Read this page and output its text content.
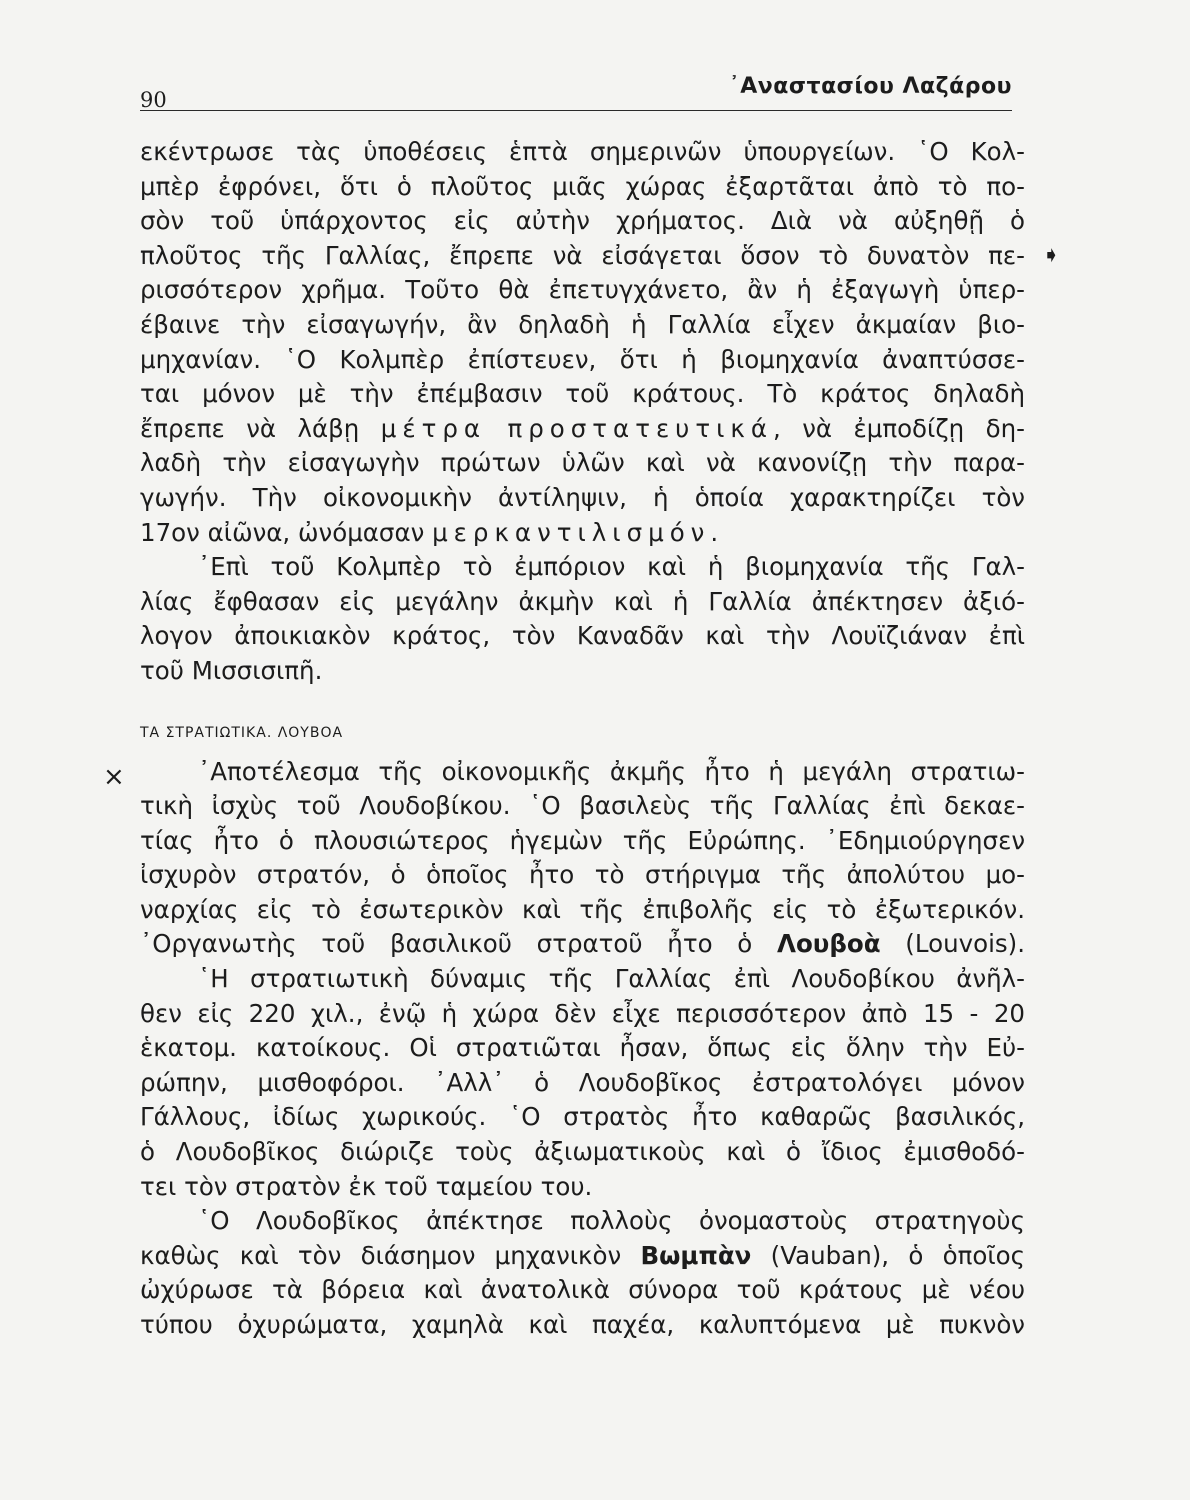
90
᾿Αναστασίου Λαζάρου
εκέντρωσε τὰς ὑποθέσεις ἑπτὰ σημερινῶν ὑπουργείων. ῾Ο Κολ-
μπὲρ ἐφρόνει, ὅτι ὁ πλοῦτος μιᾶς χώρας ἐξαρτᾶται ἀπὸ τὸ πο-
σὸν τοῦ ὑπάρχοντος εἰς αὐτὴν χρήματος. Διὰ νὰ αὐξηθῇ ὁ
πλοῦτος τῆς Γαλλίας, ἔπρεπε νὰ εἰσάγεται ὅσον τὸ δυνατὸν πε-
ρισσότερον χρῆμα. Τοῦτο θὰ ἐπετυγχάνετο, ἂν ἡ ἐξαγωγὴ ὑπερ-
έβαινε τὴν εἰσαγωγήν, ἂν δηλαδὴ ἡ Γαλλία εἶχεν ἀκμαίαν βιο-
μηχανίαν. ῾Ο Κολμπὲρ ἐπίστευεν, ὅτι ἡ βιομηχανία ἀναπτύσσε-
ται μόνον μὲ τὴν ἐπέμβασιν τοῦ κράτους. Τὸ κράτος δηλαδὴ
ἔπρεπε νὰ λάβῃ μέτρα προστατευτικά, νὰ ἐμποδίζῃ δη-
λαδὴ τὴν εἰσαγωγὴν πρώτων ὑλῶν καὶ νὰ κανονίζῃ τὴν παρα-
γωγήν. Τὴν οἰκονομικὴν ἀντίληψιν, ἡ ὁποία χαρακτηρίζει τὸν
17ον αἰῶνα, ὠνόμασαν μερκαντιλισμόν.
᾿Επὶ τοῦ Κολμπὲρ τὸ ἐμπόριον καὶ ἡ βιομηχανία τῆς Γαλ-
λίας ἔφθασαν εἰς μεγάλην ἀκμὴν καὶ ἡ Γαλλία ἀπέκτησεν ἀξιό-
λογον ἀποικιακὸν κράτος, τὸν Καναδᾶν καὶ τὴν Λουϊζιάναν ἐπὶ
τοῦ Μισσισιπῆ.
ΤΑ ΣΤΡΑΤΙΩΤΙΚΑ. ΛΟΥΒΟΑ
᾿Αποτέλεσμα τῆς οἰκονομικῆς ἀκμῆς ἦτο ἡ μεγάλη στρατιω-
τικὴ ἰσχὺς τοῦ Λουδοβίκου. ῾Ο βασιλεὺς τῆς Γαλλίας ἐπὶ δεκαε-
τίας ἦτο ὁ πλουσιώτερος ἡγεμὼν τῆς Εὐρώπης. ᾿Εδημιούργησεν
ἰσχυρὸν στρατόν, ὁ ὁποῖος ἦτο τὸ στήριγμα τῆς ἀπολύτου μο-
ναρχίας εἰς τὸ ἐσωτερικὸν καὶ τῆς ἐπιβολῆς εἰς τὸ ἐξωτερικόν.
᾿Οργανωτὴς τοῦ βασιλικοῦ στρατοῦ ἦτο ὁ Λουβοὰ (Louvois).
῾Η στρατιωτικὴ δύναμις τῆς Γαλλίας ἐπὶ Λουδοβίκου ἀνῆλ-
θεν εἰς 220 χιλ., ἐνῷ ἡ χώρα δὲν εἶχε περισσότερον ἀπὸ 15 - 20
ἑκατομ. κατοίκους. Οἱ στρατιῶται ἦσαν, ὅπως εἰς ὅλην τὴν Εὐ-
ρώπην, μισθοφόροι. ᾿Αλλ᾿ ὁ Λουδοβῖκος ἐστρατολόγει μόνον
Γάλλους, ἰδίως χωρικούς. ῾Ο στρατὸς ἦτο καθαρῶς βασιλικός,
ὁ Λουδοβῖκος διώριζε τοὺς ἀξιωματικοὺς καὶ ὁ ἴδιος ἐμισθοδό-
τει τὸν στρατὸν ἐκ τοῦ ταμείου του.
῾Ο Λουδοβῖκος ἀπέκτησε πολλοὺς ὀνομαστοὺς στρατηγοὺς
καθὼς καὶ τὸν διάσημον μηχανικὸν Βωμπὰν (Vauban), ὁ ὁποῖος
ὠχύρωσε τὰ βόρεια καὶ ἀνατολικὰ σύνορα τοῦ κράτους μὲ νέου
τύπου ὀχυρώματα, χαμηλὰ καὶ παχέα, καλυπτόμενα μὲ πυκνὸν
×
➧
